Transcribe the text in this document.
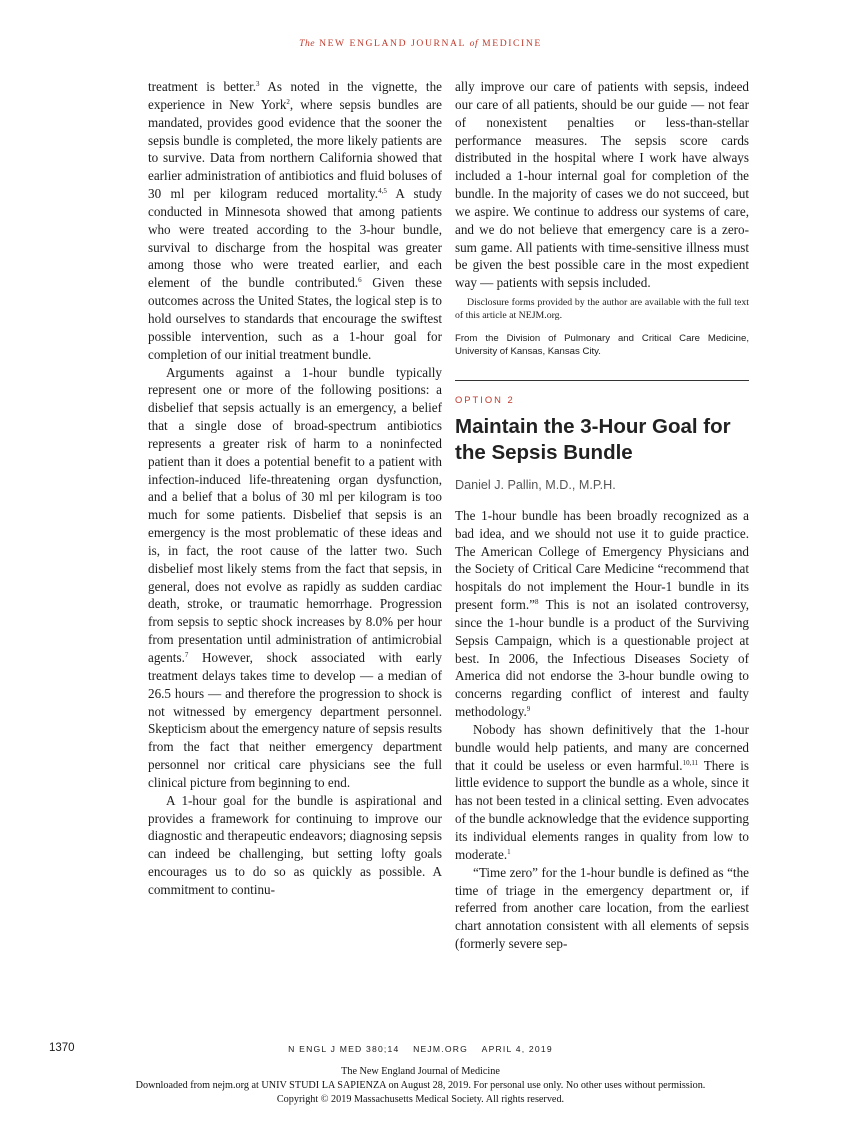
The NEW ENGLAND JOURNAL of MEDICINE

treatment is better.$^3$ As noted in the vignette, the experience in New York$^2$, where sepsis bundles are mandated, provides good evidence that the sooner the sepsis bundle is completed, the more likely patients are to survive. Data from northern California showed that earlier administration of antibiotics and fluid boluses of 30 ml per kilogram reduced mortality.$^{4,5}$ A study conducted in Minnesota showed that among patients who were treated according to the 3-hour bundle, survival to discharge from the hospital was greater among those who were treated earlier, and each element of the bundle contributed.$^6$ Given these outcomes across the United States, the logical step is to hold ourselves to standards that encourage the swiftest possible intervention, such as a 1-hour goal for completion of our initial treatment bundle.

Arguments against a 1-hour bundle typically represent one or more of the following positions: a disbelief that sepsis actually is an emergency, a belief that a single dose of broad-spectrum antibiotics represents a greater risk of harm to a noninfected patient than it does a potential benefit to a patient with infection-induced life-threatening organ dysfunction, and a belief that a bolus of 30 ml per kilogram is too much for some patients. Disbelief that sepsis is an emergency is the most problematic of these ideas and is, in fact, the root cause of the latter two. Such disbelief most likely stems from the fact that sepsis, in general, does not evolve as rapidly as sudden cardiac death, stroke, or traumatic hemorrhage. Progression from sepsis to septic shock increases by 8.0% per hour from presentation until administration of antimicrobial agents.$^7$ However, shock associated with early treatment delays takes time to develop — a median of 26.5 hours — and therefore the progression to shock is not witnessed by emergency department personnel. Skepticism about the emergency nature of sepsis results from the fact that neither emergency department personnel nor critical care physicians see the full clinical picture from beginning to end.

A 1-hour goal for the bundle is aspirational and provides a framework for continuing to improve our diagnostic and therapeutic endeavors; diagnosing sepsis can indeed be challenging, but setting lofty goals encourages us to do so as quickly as possible. A commitment to continu-

ally improve our care of patients with sepsis, indeed our care of all patients, should be our guide — not fear of nonexistent penalties or less-than-stellar performance measures. The sepsis score cards distributed in the hospital where I work have always included a 1-hour internal goal for completion of the bundle. In the majority of cases we do not succeed, but we aspire. We continue to address our systems of care, and we do not believe that emergency care is a zero-sum game. All patients with time-sensitive illness must be given the best possible care in the most expedient way — patients with sepsis included.

Disclosure forms provided by the author are available with the full text of this article at NEJM.org.

From the Division of Pulmonary and Critical Care Medicine, University of Kansas, Kansas City.

OPTION 2

Maintain the 3-Hour Goal for the Sepsis Bundle

Daniel J. Pallin, M.D., M.P.H.

The 1-hour bundle has been broadly recognized as a bad idea, and we should not use it to guide practice. The American College of Emergency Physicians and the Society of Critical Care Medicine “recommend that hospitals do not implement the Hour-1 bundle in its present form.”$^8$ This is not an isolated controversy, since the 1-hour bundle is a product of the Surviving Sepsis Campaign, which is a questionable project at best. In 2006, the Infectious Diseases Society of America did not endorse the 3-hour bundle owing to concerns regarding conflict of interest and faulty methodology.$^9$

Nobody has shown definitively that the 1-hour bundle would help patients, and many are concerned that it could be useless or even harmful.$^{10,11}$ There is little evidence to support the bundle as a whole, since it has not been tested in a clinical setting. Even advocates of the bundle acknowledge that the evidence supporting its individual elements ranges in quality from low to moderate.$^1$

“Time zero” for the 1-hour bundle is defined as “the time of triage in the emergency department or, if referred from another care location, from the earliest chart annotation consistent with all elements of sepsis (formerly severe sep-

1370	N ENGL J MED 380;14 NEJM.ORG APRIL 4, 2019
The New England Journal of Medicine
Downloaded from nejm.org at UNIV STUDI LA SAPIENZA on August 28, 2019. For personal use only. No other uses without permission.
Copyright © 2019 Massachusetts Medical Society. All rights reserved.
